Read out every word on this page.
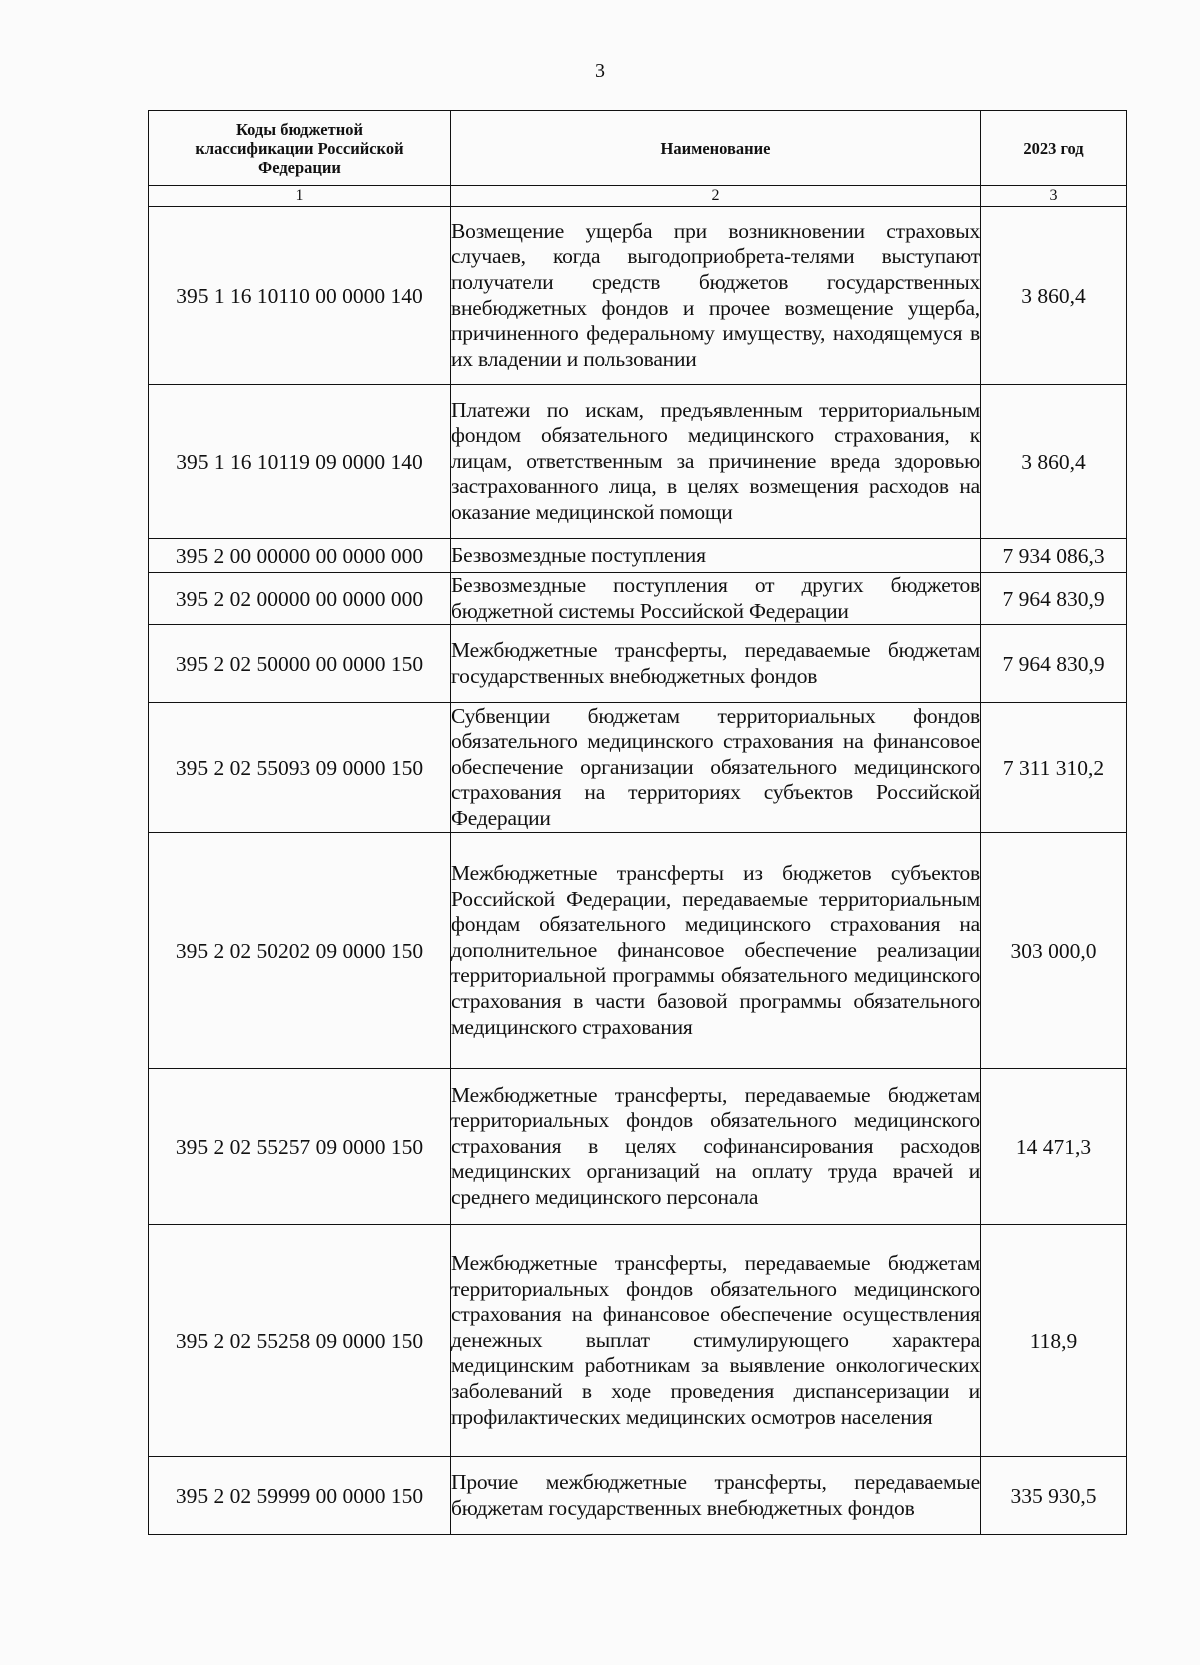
3
Коды бюджетной классификации Российской Федерации	Наименование	2023 год
1	2	3
395 1 16 10110 00 0000 140	Возмещение ущерба при возникновении страховых случаев, когда выгодоприобрета-телями выступают получатели средств бюджетов государственных внебюджетных фондов и прочее возмещение ущерба, причиненного федеральному имуществу, находящемуся в их владении и пользовании	3 860,4
395 1 16 10119 09 0000 140	Платежи по искам, предъявленным территориальным фондом обязательного медицинского страхования, к лицам, ответственным за причинение вреда здоровью застрахованного лица, в целях возмещения расходов на оказание медицинской помощи	3 860,4
395 2 00 00000 00 0000 000	Безвозмездные поступления	7 934 086,3
395 2 02 00000 00 0000 000	Безвозмездные поступления от других бюджетов бюджетной системы Российской Федерации	7 964 830,9
395 2 02 50000 00 0000 150	Межбюджетные трансферты, передаваемые бюджетам государственных внебюджетных фондов	7 964 830,9
395 2 02 55093 09 0000 150	Субвенции бюджетам территориальных фондов обязательного медицинского страхования на финансовое обеспечение организации обязательного медицинского страхования на территориях субъектов Российской Федерации	7 311 310,2
395 2 02 50202 09 0000 150	Межбюджетные трансферты из бюджетов субъектов Российской Федерации, передаваемые территориальным фондам обязательного медицинского страхования на дополнительное финансовое обеспечение реализации территориальной программы обязательного медицинского страхования в части базовой программы обязательного медицинского страхования	303 000,0
395 2 02 55257 09 0000 150	Межбюджетные трансферты, передаваемые бюджетам территориальных фондов обязательного медицинского страхования в целях софинансирования расходов медицинских организаций на оплату труда врачей и среднего медицинского персонала	14 471,3
395 2 02 55258 09 0000 150	Межбюджетные трансферты, передаваемые бюджетам территориальных фондов обязательного медицинского страхования на финансовое обеспечение осуществления денежных выплат стимулирующего характера медицинским работникам за выявление онкологических заболеваний в ходе проведения диспансеризации и профилактических медицинских осмотров населения	118,9
395 2 02 59999 00 0000 150	Прочие межбюджетные трансферты, передаваемые бюджетам государственных внебюджетных фондов	335 930,5
